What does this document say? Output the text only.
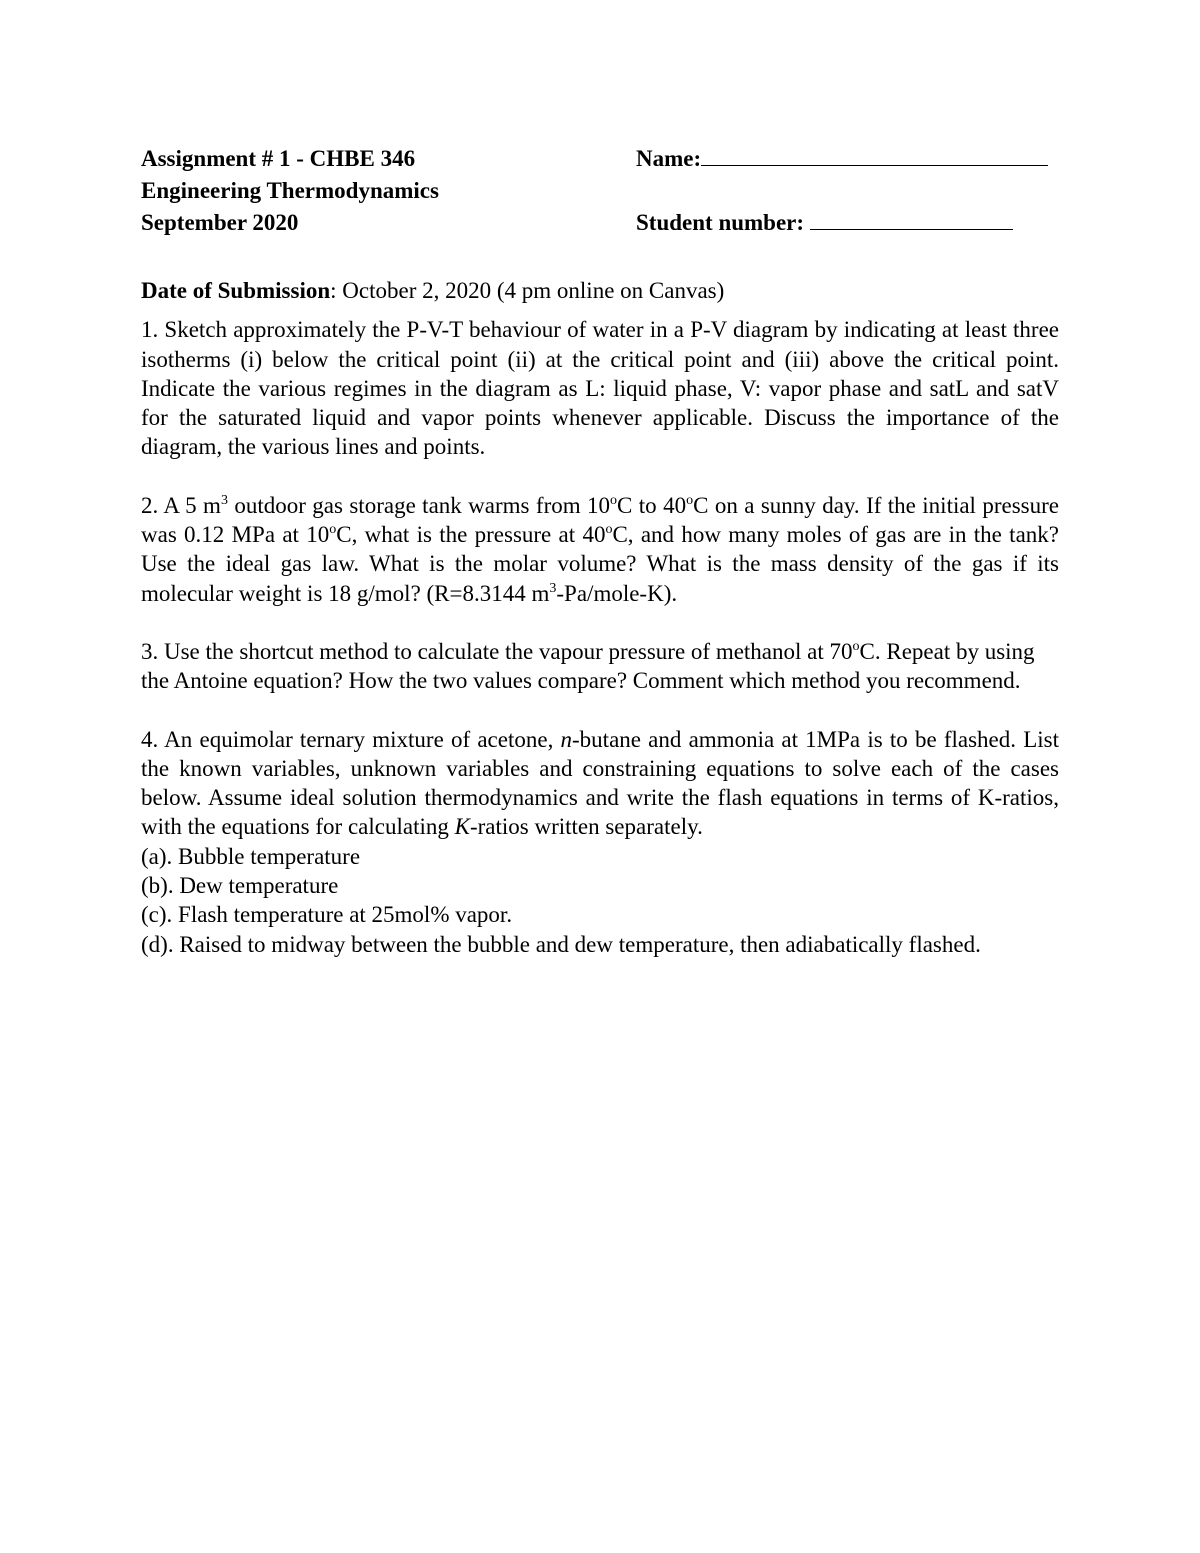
Assignment # 1 - CHBE 346
Engineering Thermodynamics
September 2020
Name:

Student number:

Date of Submission: October 2, 2020 (4 pm online on Canvas)

1. Sketch approximately the P-V-T behaviour of water in a P-V diagram by indicating at least three isotherms (i) below the critical point (ii) at the critical point and (iii) above the critical point. Indicate the various regimes in the diagram as L: liquid phase, V: vapor phase and satL and satV for the saturated liquid and vapor points whenever applicable. Discuss the importance of the diagram, the various lines and points.

2. A 5 $m^3$ outdoor gas storage tank warms from 10$^o$C to 40$^o$C on a sunny day. If the initial pressure was 0.12 MPa at 10$^o$C, what is the pressure at 40$^o$C, and how many moles of gas are in the tank? Use the ideal gas law. What is the molar volume? What is the mass density of the gas if its molecular weight is 18 g/mol? (R=8.3144 $m^3-Pa/mole-K$).

3. Use the shortcut method to calculate the vapour pressure of methanol at 70$^o$C. Repeat by using the Antoine equation? How the two values compare? Comment which method you recommend.

4. An equimolar ternary mixture of acetone, n-butane and ammonia at 1MPa is to be flashed. List the known variables, unknown variables and constraining equations to solve each of the cases below. Assume ideal solution thermodynamics and write the flash equations in terms of K-ratios, with the equations for calculating K-ratios written separately.

(a). Bubble temperature

(b). Dew temperature

(c). Flash temperature at 25mol% vapor.

(d). Raised to midway between the bubble and dew temperature, then adiabatically flashed.
